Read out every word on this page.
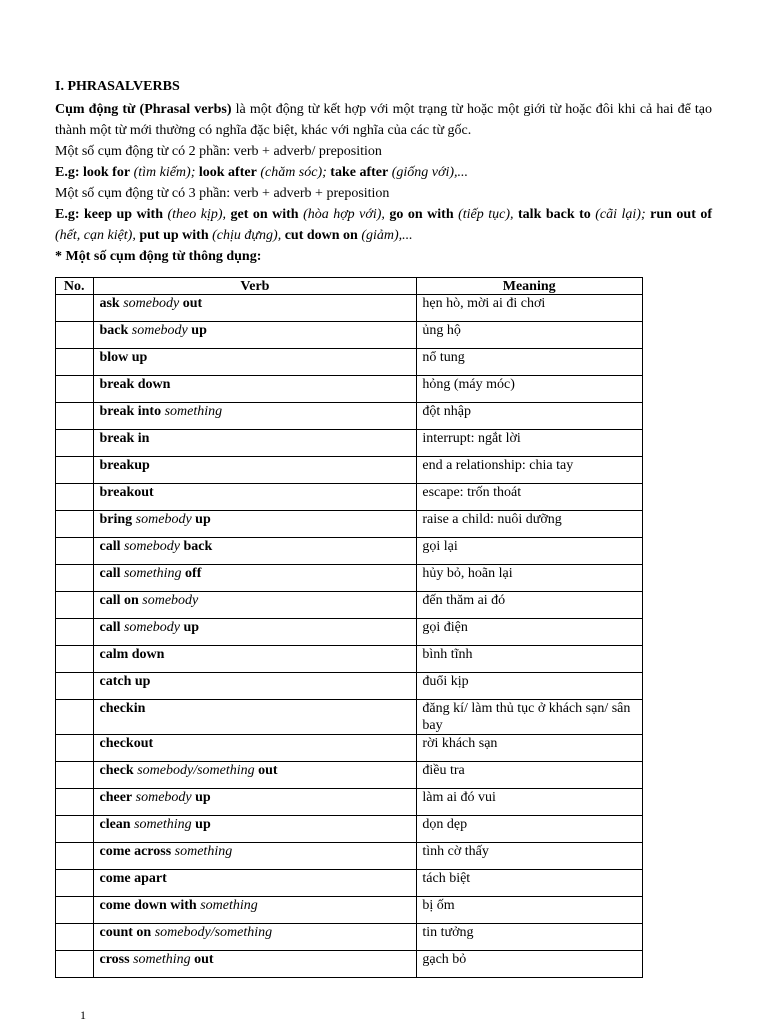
I. PHRASALVERBS

Cụm động từ (Phrasal verbs) là một động từ kết hợp với một trạng từ hoặc một giới từ hoặc đôi khi cả hai để tạo thành một từ mới thường có nghĩa đặc biệt, khác với nghĩa của các từ gốc.

Một số cụm động từ có 2 phần: verb + adverb/ preposition

E.g: look for (tìm kiếm); look after (chăm sóc); take after (giống với),...

Một số cụm động từ có 3 phần: verb + adverb + preposition

E.g: keep up with (theo kịp), get on with (hòa hợp với), go on with (tiếp tục), talk back to (cãi lại); run out of (hết, cạn kiệt), put up with (chịu đựng), cut down on (giảm),...

* Một số cụm động từ thông dụng:

No.	Verb	Meaning
	ask somebody out	hẹn hò, mời ai đi chơi
	back somebody up	ủng hộ
	blow up	nổ tung
	break down	hỏng (máy móc)
	break into something	đột nhập
	break in	interrupt: ngắt lời
	breakup	end a relationship: chia tay
	breakout	escape: trốn thoát
	bring somebody up	raise a child: nuôi dưỡng
	call somebody back	gọi lại
	call something off	hủy bỏ, hoãn lại
	call on somebody	đến thăm ai đó
	call somebody up	gọi điện
	calm down	bình tĩnh
	catch up	đuổi kịp
	checkin	đăng kí/ làm thủ tục ở khách sạn/ sân bay
	checkout	rời khách sạn
	check somebody/something out	điều tra
	cheer somebody up	làm ai đó vui
	clean something up	dọn dẹp
	come across something	tình cờ thấy
	come apart	tách biệt
	come down with something	bị ốm
	count on somebody/something	tin tưởng
	cross something out	gạch bỏ
1
